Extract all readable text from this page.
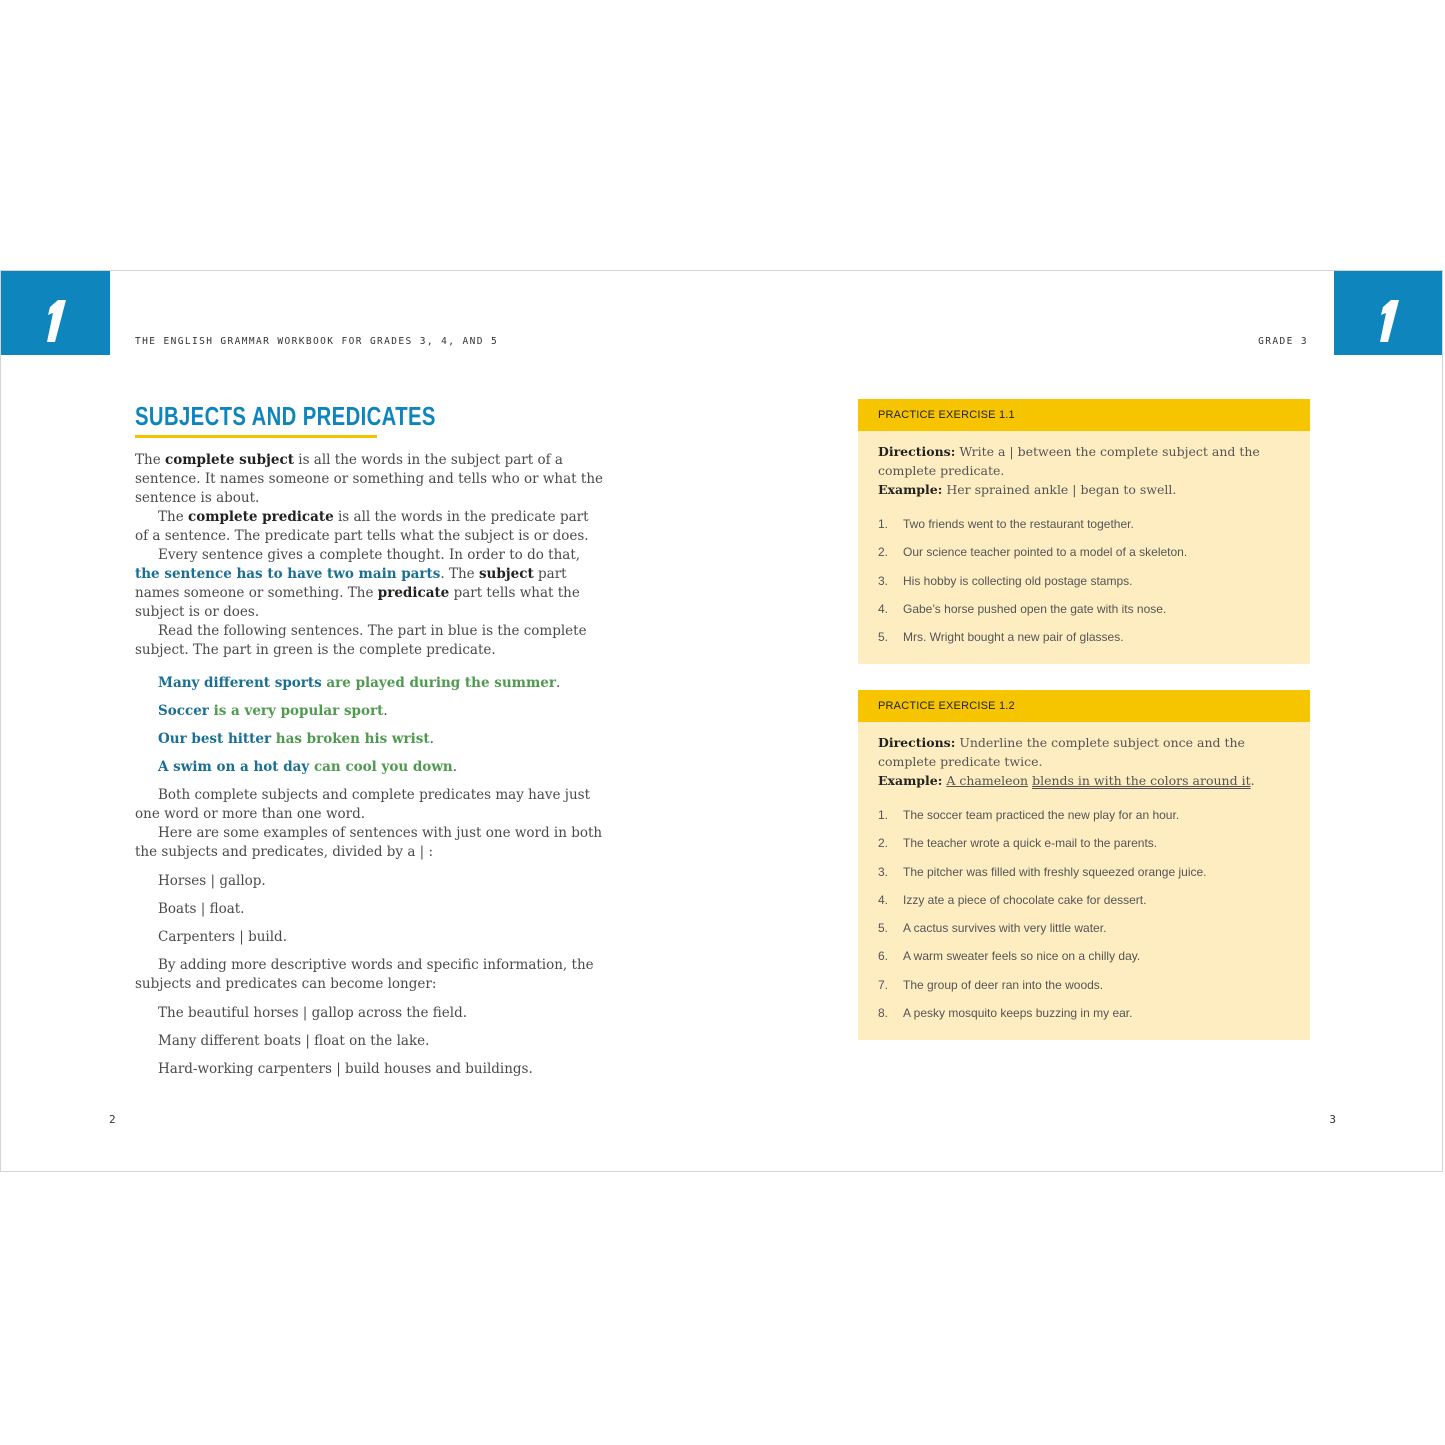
THE ENGLISH GRAMMAR WORKBOOK FOR GRADES 3, 4, AND 5	GRADE 3
SUBJECTS AND PREDICATES

The complete subject is all the words in the subject part of a sentence. It names someone or something and tells who or what the sentence is about.

The complete predicate is all the words in the predicate part of a sentence. The predicate part tells what the subject is or does.

Every sentence gives a complete thought. In order to do that, the sentence has to have two main parts. The subject part names someone or something. The predicate part tells what the subject is or does.

Read the following sentences. The part in blue is the complete subject. The part in green is the complete predicate.

Many different sports are played during the summer.

Soccer is a very popular sport.

Our best hitter has broken his wrist.

A swim on a hot day can cool you down.

Both complete subjects and complete predicates may have just one word or more than one word.

Here are some examples of sentences with just one word in both the subjects and predicates, divided by a | :

Horses | gallop.

Boats | float.

Carpenters | build.

By adding more descriptive words and specific information, the subjects and predicates can become longer:

The beautiful horses | gallop across the field.

Many different boats | float on the lake.

Hard-working carpenters | build houses and buildings.

PRACTICE EXERCISE 1.1

Directions: Write a | between the complete subject and the complete predicate.

Example: Her sprained ankle | began to swell.

1.	Two friends went to the restaurant together.
2.	Our science teacher pointed to a model of a skeleton.
3.	His hobby is collecting old postage stamps.
4.	Gabe’s horse pushed open the gate with its nose.
5.	Mrs. Wright bought a new pair of glasses.
PRACTICE EXERCISE 1.2

Directions: Underline the complete subject once and the complete predicate twice.

Example: A chameleon blends in with the colors around it.

1.	The soccer team practiced the new play for an hour.
2.	The teacher wrote a quick e-mail to the parents.
3.	The pitcher was filled with freshly squeezed orange juice.
4.	Izzy ate a piece of chocolate cake for dessert.
5.	A cactus survives with very little water.
6.	A warm sweater feels so nice on a chilly day.
7.	The group of deer ran into the woods.
8.	A pesky mosquito keeps buzzing in my ear.
2	3
